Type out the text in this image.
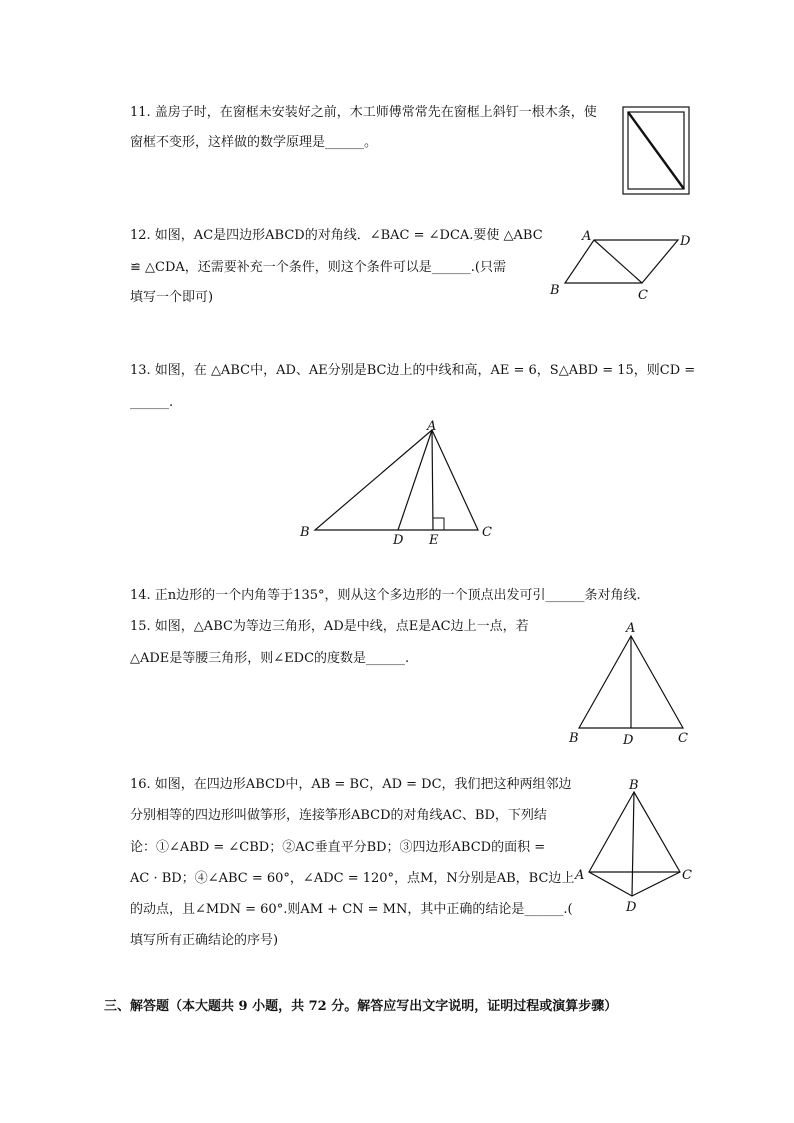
11. 盖房子时，在窗框未安装好之前，木工师傅常常先在窗框上斜钉一根木条，使
窗框不变形，这样做的数学原理是______。
12. 如图，AC是四边形ABCD的对角线．∠BAC = ∠DCA.要使 △ABC
≌ △CDA，还需要补充一个条件，则这个条件可以是______.(只需
填写一个即可)
A	D
B	C
13. 如图，在 △ABC中，AD、AE分别是BC边上的中线和高，AE = 6，S△ABD = 15，则CD =
______.
A
B
D E
C
14. 正n边形的一个内角等于135°，则从这个多边形的一个顶点出发可引______条对角线.
15. 如图，△ABC为等边三角形，AD是中线，点E是AC边上一点，若
△ADE是等腰三角形，则∠EDC的度数是______.
A
B	D	C
16. 如图，在四边形ABCD中，AB = BC，AD = DC，我们把这种两组邻边
分别相等的四边形叫做筝形，连接筝形ABCD的对角线AC、BD，下列结
论：①∠ABD = ∠CBD；②AC垂直平分BD；③四边形ABCD的面积 =
AC · BD；④∠ABC = 60°，∠ADC = 120°，点M，N分别是AB，BC边上
的动点，且∠MDN = 60°.则AM + CN = MN，其中正确的结论是______.(
填写所有正确结论的序号)
B
A	C
D
三、解答题（本大题共 9 小题，共 72 分。解答应写出文字说明，证明过程或演算步骤）
